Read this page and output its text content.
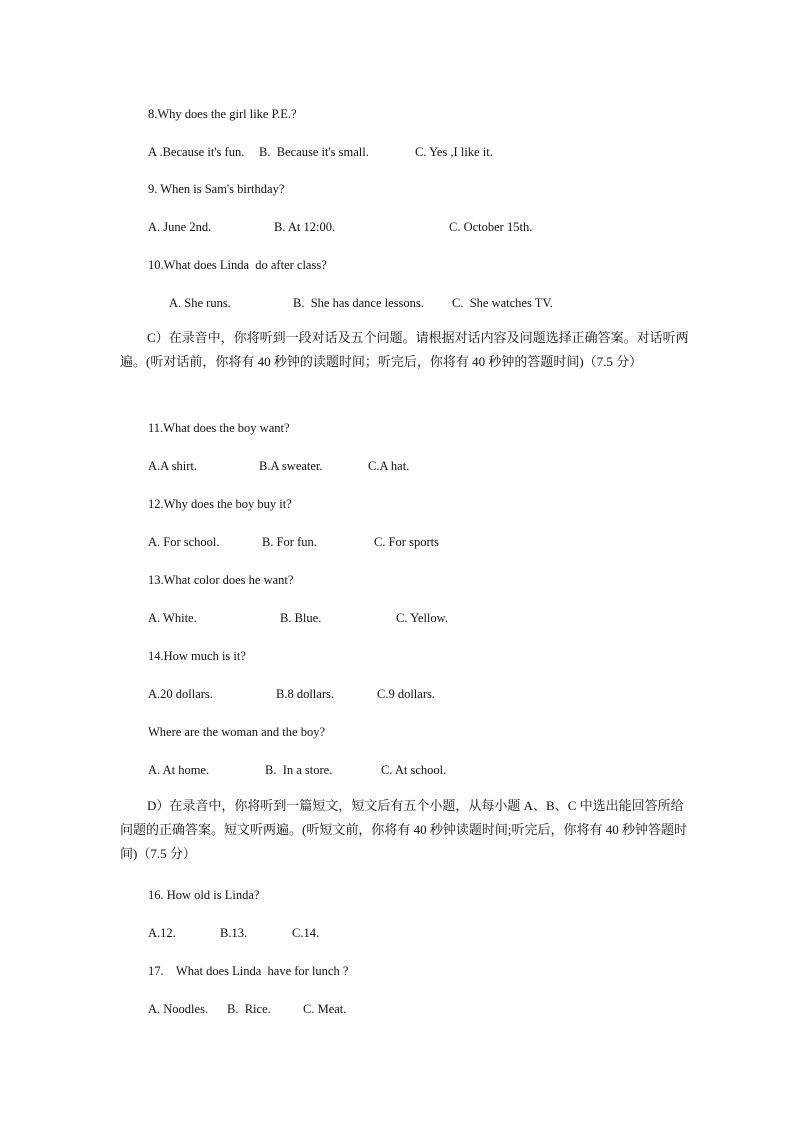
8.Why does the girl like P.E.?
A .Because it's fun. B.  Because it's small.	C. Yes ,I like it.
9. When is Sam's birthday?
A. June 2nd.	B. At 12:00.	C. October 15th.
10.What does Linda  do after class?
A. She runs.	B.  She has dance lessons. C.  She watches TV.
C）在录音中，你将听到一段对话及五个问题。请根据对话内容及问题选择正确答案。对话听两遍。(听对话前，你将有 40 秒钟的读题时间；听完后，你将有 40 秒钟的答题时间)（7.5 分）
11.What does the boy want?
A.A shirt.	B.A sweater.	C.A hat.
12.Why does the boy buy it?
A. For school.	B. For fun.	C. For sports
13.What color does he want?
A. White.	B. Blue.	C. Yellow.
14.How much is it?
A.20 dollars.	B.8 dollars.	C.9 dollars.
Where are the woman and the boy?
A. At home.	B.  In a store.	C. At school.
D）在录音中，你将听到一篇短文，短文后有五个小题，从每小题 A、B、C 中选出能回答所给问题的正确答案。短文听两遍。(听短文前，你将有 40 秒钟读题时间;听完后，你将有 40 秒钟答题时间)（7.5 分）
16. How old is Linda?
A.12.	B.13.	C.14.
17.    What does Linda  have for lunch ?
A. Noodles. B.  Rice.	C. Meat.
